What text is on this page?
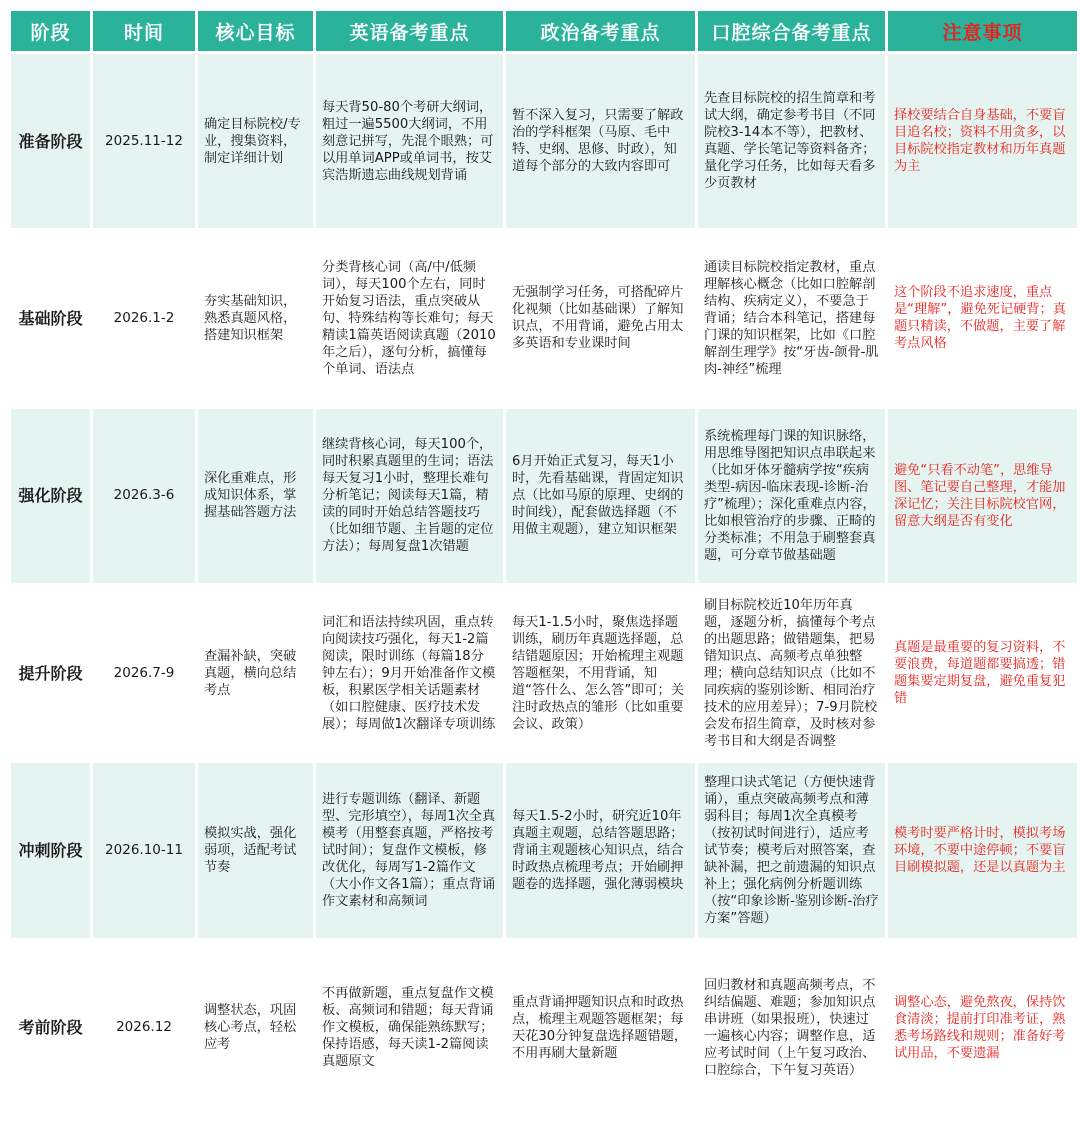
阶段	时间	核心目标	英语备考重点	政治备考重点	口腔综合备考重点	注意事项
准备阶段	2025.11-12	确定目标院校/专业，搜集资料，制定详细计划	每天背50-80个考研大纲词，粗过一遍5500大纲词，不用刻意记拼写，先混个眼熟；可以用单词APP或单词书，按艾宾浩斯遗忘曲线规划背诵	暂不深入复习，只需要了解政治的学科框架（马原、毛中特、史纲、思修、时政），知道每个部分的大致内容即可	先查目标院校的招生简章和考试大纲，确定参考书目（不同院校3-14本不等），把教材、真题、学长笔记等资料备齐；量化学习任务，比如每天看多少页教材	择校要结合自身基础，不要盲目追名校；资料不用贪多，以目标院校指定教材和历年真题为主
基础阶段	2026.1-2	夯实基础知识，熟悉真题风格，搭建知识框架	分类背核心词（高/中/低频词），每天100个左右，同时开始复习语法，重点突破从句、特殊结构等长难句；每天精读1篇英语阅读真题（2010年之后），逐句分析，搞懂每个单词、语法点	无强制学习任务，可搭配碎片化视频（比如基础课）了解知识点，不用背诵，避免占用太多英语和专业课时间	通读目标院校指定教材，重点理解核心概念（比如口腔解剖结构、疾病定义），不要急于背诵；结合本科笔记，搭建每门课的知识框架，比如《口腔解剖生理学》按“牙齿-颌骨-肌肉-神经”梳理	这个阶段不追求速度，重点是“理解”，避免死记硬背；真题只精读，不做题，主要了解考点风格
强化阶段	2026.3-6	深化重难点，形成知识体系，掌握基础答题方法	继续背核心词，每天100个，同时积累真题里的生词；语法每天复习1小时，整理长难句分析笔记；阅读每天1篇，精读的同时开始总结答题技巧（比如细节题、主旨题的定位方法）；每周复盘1次错题	6月开始正式复习，每天1小时，先看基础课，背固定知识点（比如马原的原理、史纲的时间线），配套做选择题（不用做主观题），建立知识框架	系统梳理每门课的知识脉络，用思维导图把知识点串联起来（比如牙体牙髓病学按“疾病类型-病因-临床表现-诊断-治疗”梳理）；深化重难点内容，比如根管治疗的步骤、正畸的分类标准；不用急于刷整套真题，可分章节做基础题	避免“只看不动笔”，思维导图、笔记要自己整理，才能加深记忆；关注目标院校官网，留意大纲是否有变化
提升阶段	2026.7-9	查漏补缺，突破真题，横向总结考点	词汇和语法持续巩固，重点转向阅读技巧强化，每天1-2篇阅读，限时训练（每篇18分钟左右）；9月开始准备作文模板，积累医学相关话题素材（如口腔健康、医疗技术发展）；每周做1次翻译专项训练	每天1-1.5小时，聚焦选择题训练，刷历年真题选择题，总结错题原因；开始梳理主观题答题框架，不用背诵，知道“答什么、怎么答”即可；关注时政热点的雏形（比如重要会议、政策）	刷目标院校近10年历年真题，逐题分析，搞懂每个考点的出题思路；做错题集，把易错知识点、高频考点单独整理；横向总结知识点（比如不同疾病的鉴别诊断、相同治疗技术的应用差异）；7-9月院校会发布招生简章，及时核对参考书目和大纲是否调整	真题是最重要的复习资料，不要浪费，每道题都要搞透；错题集要定期复盘，避免重复犯错
冲刺阶段	2026.10-11	模拟实战，强化弱项，适配考试节奏	进行专题训练（翻译、新题型、完形填空），每周1次全真模考（用整套真题，严格按考试时间）；复盘作文模板，修改优化，每周写1-2篇作文（大小作文各1篇）；重点背诵作文素材和高频词	每天1.5-2小时，研究近10年真题主观题，总结答题思路；背诵主观题核心知识点，结合时政热点梳理考点；开始刷押题卷的选择题，强化薄弱模块	整理口诀式笔记（方便快速背诵），重点突破高频考点和薄弱科目；每周1次全真模考（按初试时间进行），适应考试节奏；模考后对照答案，查缺补漏，把之前遗漏的知识点补上；强化病例分析题训练（按“印象诊断-鉴别诊断-治疗方案”答题）	模考时要严格计时，模拟考场环境，不要中途停顿；不要盲目刷模拟题，还是以真题为主
考前阶段	2026.12	调整状态，巩固核心考点，轻松应考	不再做新题，重点复盘作文模板、高频词和错题；每天背诵作文模板，确保能熟练默写；保持语感，每天读1-2篇阅读真题原文	重点背诵押题知识点和时政热点，梳理主观题答题框架；每天花30分钟复盘选择题错题，不用再刷大量新题	回归教材和真题高频考点，不纠结偏题、难题；参加知识点串讲班（如果报班），快速过一遍核心内容；调整作息，适应考试时间（上午复习政治、口腔综合，下午复习英语）	调整心态，避免熬夜，保持饮食清淡；提前打印准考证，熟悉考场路线和规则；准备好考试用品，不要遗漏
